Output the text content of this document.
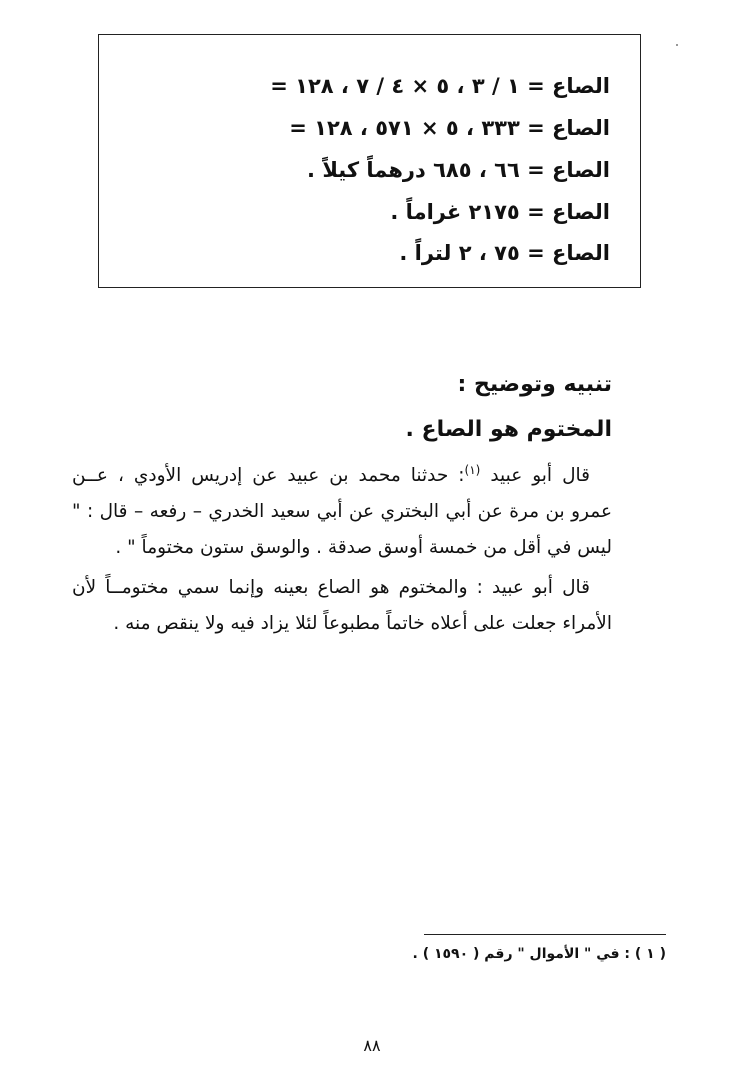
الصاع = ١ / ٣ ، ٥ × ٤ / ٧ ، ١٢٨ =
الصاع = ٣٣٣ ، ٥ × ٥٧١ ، ١٢٨ =
الصاع = ٦٦ ، ٦٨٥ درهماً كيلاً .
الصاع = ٢١٧٥ غراماً .
الصاع = ٧٥ ، ٢ لتراً .
تنبيه وتوضيح :
المختوم هو الصاع .
قال أبو عبيد $^{(١)}$: حدثنا محمد بن عبيد عن إدريس الأودي ، عــن
عمرو بن مرة عن أبي البختري عن أبي سعيد الخدري – رفعه – قال : "
ليس في أقل من خمسة أوسق صدقة . والوسق ستون مختوماً " .
قال أبو عبيد : والمختوم هو الصاع بعينه وإنما سمي مختومــاً لأن
الأمراء جعلت على أعلاه خاتماً مطبوعاً لئلا يزاد فيه ولا ينقص منه .
( ١ ) : في " الأموال " رقم ( ١٥٩٠ ) .
٨٨
